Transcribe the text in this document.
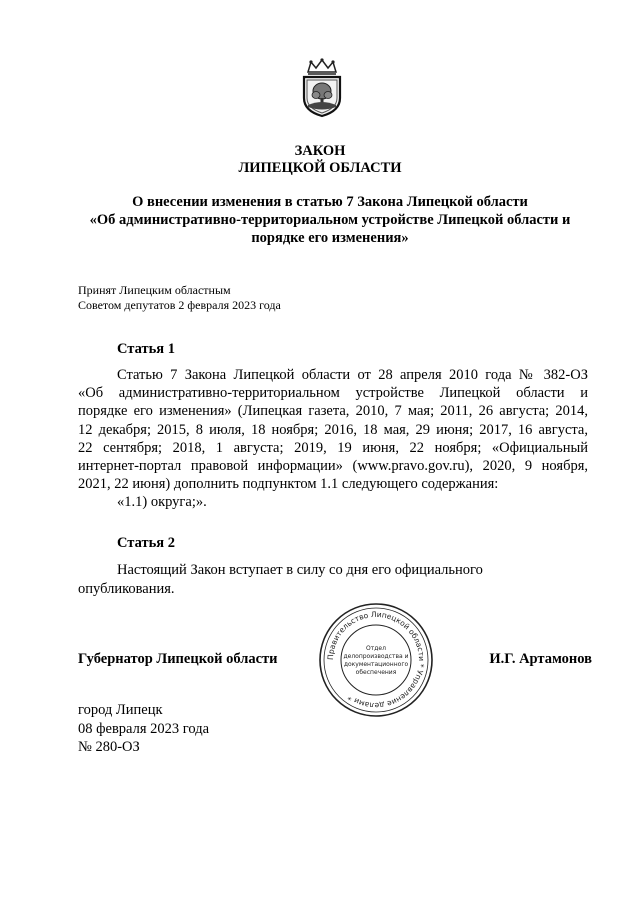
ЗАКОН
ЛИПЕЦКОЙ ОБЛАСТИ
О внесении изменения в статью 7 Закона Липецкой области
«Об административно-территориальном устройстве Липецкой области и
порядке его изменения»
Принят Липецким областным
Советом депутатов 2 февраля 2023 года
Статья 1
Статью 7 Закона Липецкой области от 28 апреля 2010 года № 382-ОЗ
«Об административно-территориальном устройстве Липецкой области и
порядке его изменения» (Липецкая газета, 2010, 7 мая; 2011, 26 августа; 2014,
12 декабря; 2015, 8 июля, 18 ноября; 2016, 18 мая, 29 июня; 2017, 16 августа,
22 сентября; 2018, 1 августа; 2019, 19 июня, 22 ноября; «Официальный
интернет-портал правовой информации» (www.pravo.gov.ru), 2020, 9 ноября,
2021, 22 июня) дополнить подпунктом 1.1 следующего содержания:
«1.1) округа;».
Статья 2
Настоящий Закон вступает в силу со дня его официального
опубликования.
Губернатор Липецкой области	Правительство Липецкой области * Управление делами *
Отдел
делопроизводства и
документационного
обеспечения
И.Г. Артамонов
город Липецк
08 февраля 2023 года
№ 280-ОЗ
